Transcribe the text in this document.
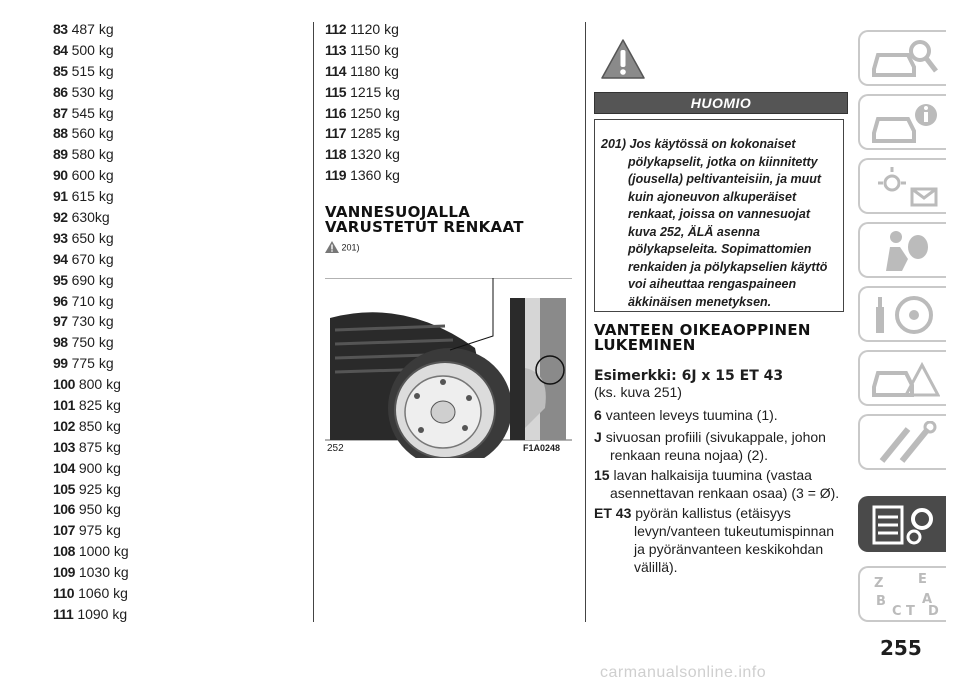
83 487 kg
84 500 kg
85 515 kg
86 530 kg
87 545 kg
88 560 kg
89 580 kg
90 600 kg
91 615 kg
92 630kg
93 650 kg
94 670 kg
95 690 kg
96 710 kg
97 730 kg
98 750 kg
99 775 kg
100 800 kg
101 825 kg
102 850 kg
103 875 kg
104 900 kg
105 925 kg
106 950 kg
107 975 kg
108 1000 kg
109 1030 kg
110 1060 kg
111 1090 kg
112 1120 kg
113 1150 kg
114 1180 kg
115 1215 kg
116 1250 kg
117 1285 kg
118 1320 kg
119 1360 kg
VANNESUOJALLA
VARUSTETUT RENKAAT
201)
252	F1A0248
HUOMIO

201) Jos käytössä on kokonaiset pölykapselit, jotka on kiinnitetty (jousella) peltivanteisiin, ja muut kuin ajoneuvon alkuperäiset renkaat, joissa on vannesuojat kuva 252, ÄLÄ asenna pölykapseleita. Sopimattomien renkaiden ja pölykapselien käyttö voi aiheuttaa rengaspaineen äkkinäisen menetyksen.

VANTEEN OIKEAOPPINEN
LUKEMINEN
Esimerkki: 6J x 15 ET 43
(ks. kuva 251)
6 vanteen leveys tuumina (1).
J sivuosan profiili (sivukappale, johon renkaan reuna nojaa) (2).
15 lavan halkaisija tuumina (vastaa asennettavan renkaan osaa) (3 = Ø).
ET 43 pyörän kallistus (etäisyys levyn/vanteen tukeutumispinnan ja pyöränvanteen keskikohdan välillä).
Z	E
B	A
C T D
255
carmanualsonline.info
